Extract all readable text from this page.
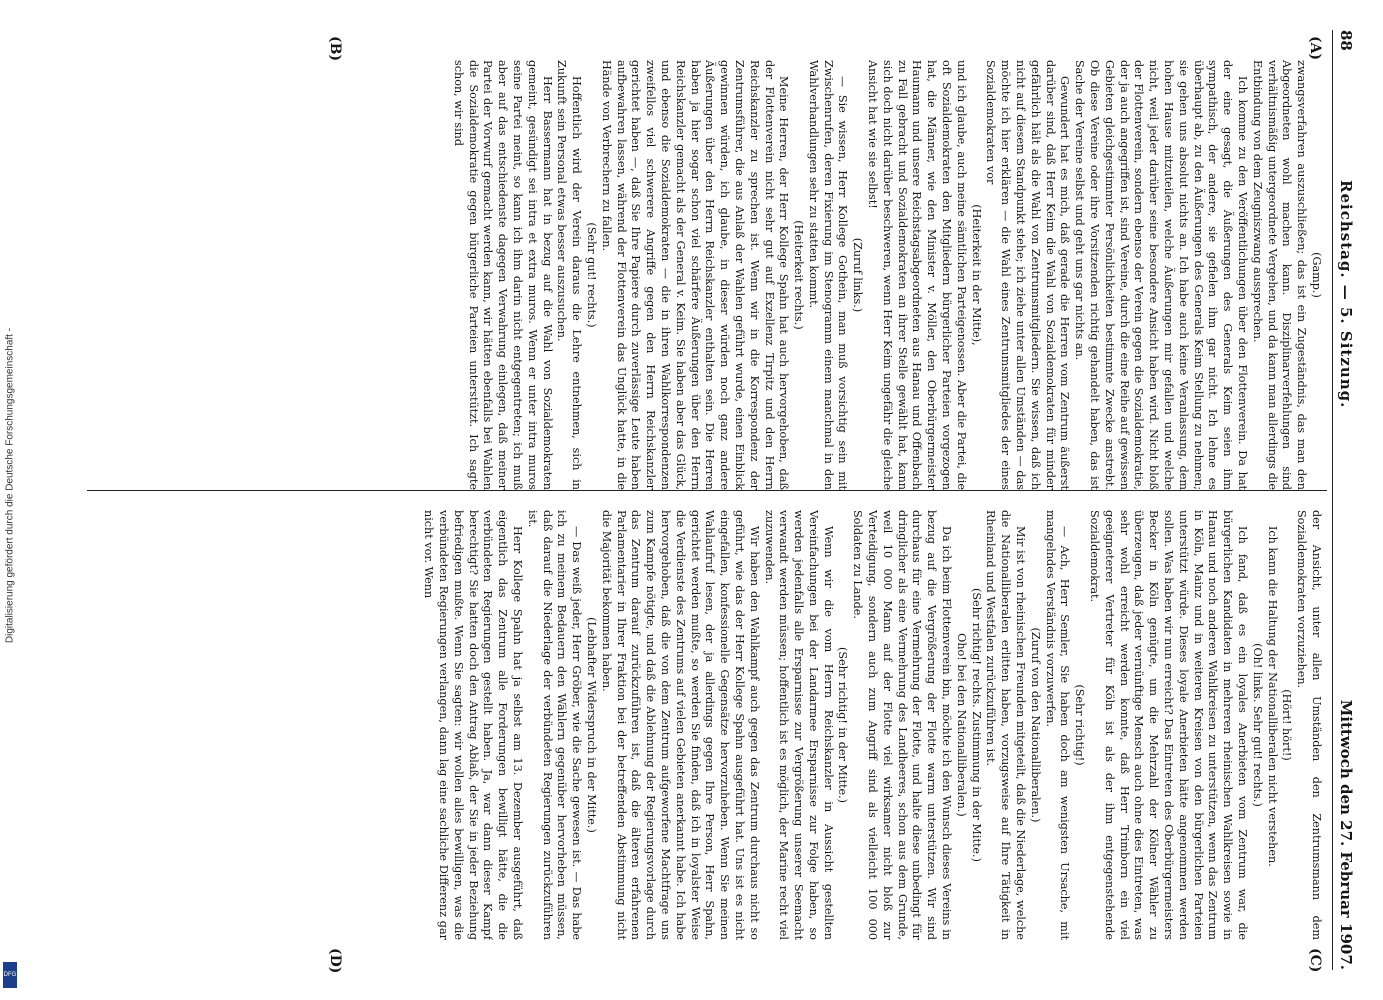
88
Reichstag. — 5. Sitzung.
Mittwoch den 27. Februar 1907.
(A)
(B)
(C)
(D)

(Gamp.)

zwangsverfahren auszuschließen; das ist ein Zugeständnis, das man den Abgeordneten wohl machen kann. Disziplinarverfehlungen sind verhältnismäßig untergeordnete Vergehen, und da kann man allerdings die Entbindung von dem Zeugniszwang aussprechen.

Ich komme zu den Veröffentlichungen über den Flottenverein. Da hat der eine gesagt, die Äußerungen des Generals Keim seien ihm sympathisch, der andere, sie gefielen ihm gar nicht. Ich lehne es überhaupt ab, zu den Äußerungen des Generals Keim Stellung zu nehmen; sie gehen uns absolut nichts an. Ich habe auch keine Veranlassung, dem hohen Hause mitzuteilen, welche Äußerungen mir gefallen und welche nicht, weil jeder darüber seine besondere Ansicht haben wird. Nicht bloß der Flottenverein, sondern ebenso der Verein gegen die Sozialdemokratie, der ja auch angegriffen ist, sind Vereine, durch die eine Reihe auf gewissen Gebieten gleichgestimmter Persönlichkeiten bestimmte Zwecke anstrebt. Ob diese Vereine oder ihre Vorsitzenden richtig gehandelt haben, das ist Sache der Vereine selbst und geht uns gar nichts an.

Gewundert hat es mich, daß gerade die Herren vom Zentrum äußerst darüber sind, daß Herr Keim die Wahl von Sozialdemokraten für minder gefährlich hält als die Wahl von Zentrumsmitgliedern. Sie wissen, daß ich nicht auf diesem Standpunkt stehe; ich ziehe unter allen Umständen — das möchte ich hier erklären — die Wahl eines Zentrumsmitgliedes der eines Sozialdemokraten vor

(Heiterkeit in der Mitte),

und ich glaube, auch meine sämtlichen Parteigenossen. Aber die Partei, die oft Sozialdemokraten den Mitgliedern bürgerlicher Parteien vorgezogen hat, die Männer, wie den Minister v. Möller, den Oberbürgermeister Haumann und unsere Reichstagsabgeordneten aus Hanau und Offenbach zu Fall gebracht und Sozialdemokraten an ihrer Stelle gewählt hat, kann sich doch nicht darüber beschweren, wenn Herr Keim ungefähr die gleiche Ansicht hat wie sie selbst!

(Zuruf links.)

— Sie wissen, Herr Kollege Gothein, man muß vorsichtig sein mit Zwischenrufen, deren Fixierung im Stenogramm einem manchmal in den Wahlverhandlungen sehr zu statten kommt.

(Heiterkeit rechts.)

Meine Herren, der Herr Kollege Spahn hat auch hervorgehoben, daß der Flottenverein nicht sehr gut auf Exzellenz Tirpitz und den Herrn Reichskanzler zu sprechen ist. Wenn wir in die Korrespondenz der Zentrumsführer, die aus Anlaß der Wahlen geführt wurde, einen Einblick gewinnen würden, ich glaube, in dieser würden noch ganz andere Äußerungen über den Herrn Reichskanzler enthalten sein. Die Herren haben ja hier sogar schon viel schärfere Äußerungen über den Herrn Reichskanzler gemacht als der General v. Keim. Sie haben aber das Glück, und ebenso die Sozialdemokraten — die in ihren Wahlkorrespondenzen zweifellos viel schwerere Angriffe gegen den Herrn Reichskanzler gerichtet haben —, daß Sie Ihre Papiere durch zuverlässige Leute haben aufbewahren lassen, während der Flottenverein das Unglück hatte, in die Hände von Verbrechern zu fallen.

(Sehr gut! rechts.)

Hoffentlich wird der Verein daraus die Lehre entnehmen, sich in Zukunft sein Personal etwas besser auszusuchen.

Herr Bassermann hat in bezug auf die Wahl von Sozialdemokraten gemeint, gesündigt sei intra et extra muros. Wenn er unter intra muros seine Partei meint, so kann ich ihm darin nicht entgegentreten; ich muß aber auf das entschiedenste dagegen Verwahrung einlegen, daß meiner Partei der Vorwurf gemacht werden kann, wir hätten ebenfalls bei Wahlen die Sozialdemokratie gegen bürgerliche Parteien unterstützt. Ich sagte schon, wir sind

der Ansicht, unter allen Umständen den Zentrumsmann dem Sozialdemokraten vorzuziehen.

(Hört! hört!)

Ich kann die Haltung der Nationalliberalen nicht verstehen.

(Oh! links. Sehr gut! rechts.)

Ich fand, daß es ein loyales Anerbieten vom Zentrum war, die bürgerlichen Kandidaten in mehreren rheinischen Wahlkreisen sowie in Hanau und noch anderen Wahlkreisen zu unterstützen, wenn das Zentrum in Köln, Mainz und in weiteren Kreisen von den bürgerlichen Parteien unterstützt würde. Dieses loyale Anerbieten hätte angenommen werden sollen. Was haben wir nun erreicht? Das Eintreten des Oberbürgermeisters Becker in Köln genügte, um die Mehrzahl der Kölner Wähler zu überzeugen, daß jeder vernünftige Mensch auch ohne dies Eintreten, was sehr wohl erreicht werden konnte, daß Herr Trimborn ein viel geeigneterer Vertreter für Köln ist als der ihm entgegenstehende Sozialdemokrat.

(Sehr richtig!)

— Ach, Herr Semler, Sie haben doch am wenigsten Ursache, mit mangelndes Verständnis vorzuwerfen.

(Zuruf von den Nationalliberalen.)

Mir ist von rheinischen Freunden mitgeteilt, daß die Niederlage, welche die Nationalliberalen erlitten haben, vorzugsweise auf Ihre Tätigkeit in Rheinland und Westfalen zurückzuführen ist.

(Sehr richtig! rechts. Zustimmung in der Mitte.)

Oho! bei den Nationalliberalen.)

Da ich beim Flottenverein bin, möchte ich den Wunsch dieses Vereins in bezug auf die Vergrößerung der Flotte warm unterstützen. Wir sind durchaus für eine Vermehrung der Flotte, und halte diese unbedingt für dringlicher als eine Vermehrung des Landheeres, schon aus dem Grunde, weil 10 000 Mann auf der Flotte viel wirksamer nicht bloß zur Verteidigung, sondern auch zum Angriff sind als vielleicht 100 000 Soldaten zu Lande.

(Sehr richtig! in der Mitte.)

Wenn wir die vom Herrn Reichskanzler in Aussicht gestellten Vereinfachungen bei der Landarmee Ersparnisse zur Folge haben, so werden jedenfalls alle Ersparnisse zur Vergrößerung unserer Seemacht verwandt werden müssen; hoffentlich ist es möglich, der Marine recht viel zuzuwenden.

Wir haben den Wahlkampf auch gegen das Zentrum durchaus nicht so geführt, wie das der Herr Kollege Spahn ausgeführt hat. Uns ist es nicht eingefallen, konfessionelle Gegensätze hervorzuheben. Wenn Sie meinen Wahlaufruf lesen, der ja allerdings gegen Ihre Person, Herr Spahn, gerichtet werden mußte, so werden Sie finden, daß ich in loyalster Weise die Verdienste des Zentrums auf vielen Gebieten anerkannt habe. Ich habe hervorgehoben, daß die von dem Zentrum aufgeworfene Machtfrage uns zum Kampfe nötigte, und daß die Ablehnung der Regierungsvorlage durch das Zentrum darauf zurückzuführen ist, daß die älteren erfahrenen Parlamentarier in Ihrer Fraktion bei der betreffenden Abstimmung nicht die Majorität bekommen haben.

(Lebhafter Widerspruch in der Mitte.)

— Das weiß jeder, Herr Gröber, wie die Sache gewesen ist. — Das habe ich zu meinem Bedauern den Wählern gegenüber hervorheben müssen, daß darauf die Niederlage der verbündeten Regierungen zurückzuführen ist.

Herr Kollege Spahn hat ja selbst am 13. Dezember ausgeführt, daß eigentlich das Zentrum alle Forderungen bewilligt hätte, die die verbündeten Regierungen gestellt haben. Ja, war dann dieser Kampf berechtigt? Sie hatten doch den Antrag Ablaß, der Sie in jeder Beziehung befriedigen mußte. Wenn Sie sagten: wir wollen alles bewilligen, was die verbündeten Regierungen verlangen, dann lag eine sachliche Differenz gar nicht vor. Wenn

Digitalisierung gefördert durch die Deutsche Forschungsgemeinschaft -
DFG
